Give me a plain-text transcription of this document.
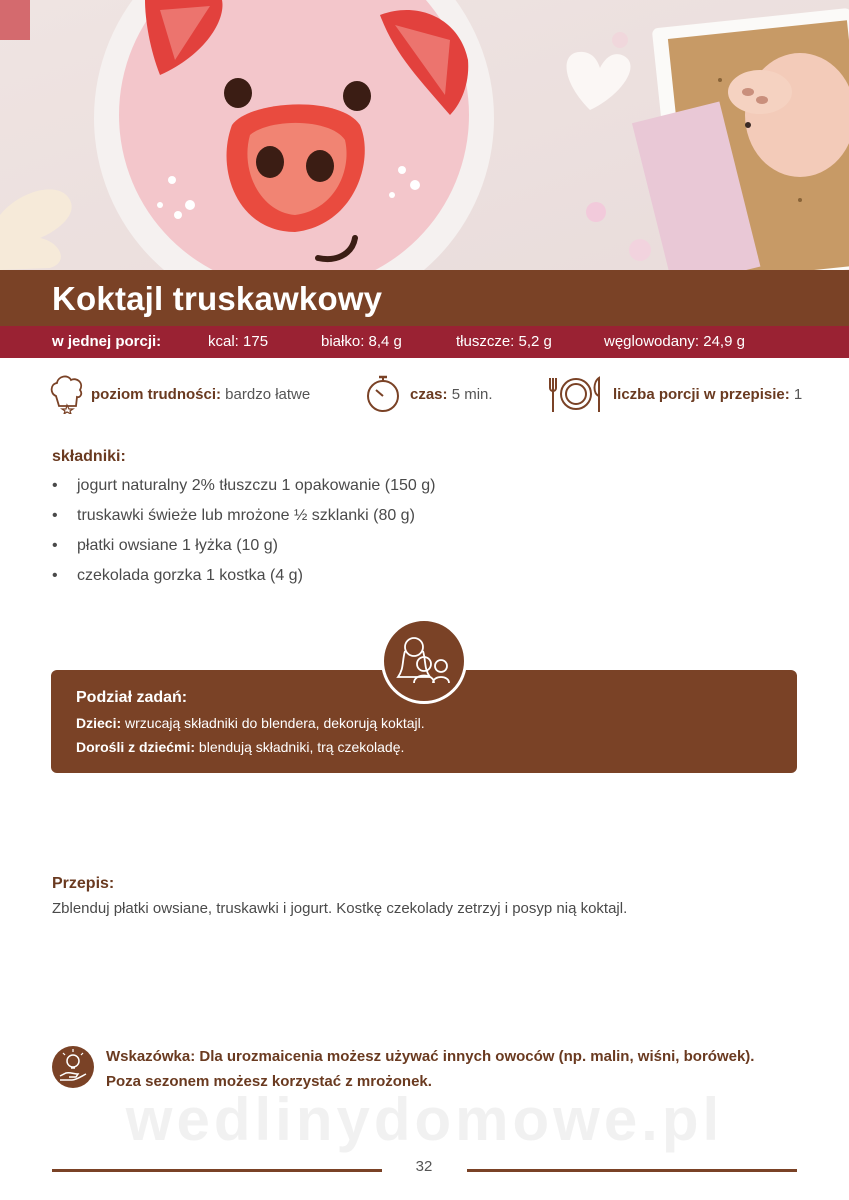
Koktajl truskawkowy
w jednej porcji:	kcal: 175	białko: 8,4 g	tłuszcze: 5,2 g	węglowodany: 24,9 g
poziom trudności: bardzo łatwe	czas: 5 min.	liczba porcji w przepisie: 1
składniki:
• jogurt naturalny 2% tłuszczu 1 opakowanie (150 g)
• truskawki świeże lub mrożone ½ szklanki (80 g)
• płatki owsiane 1 łyżka (10 g)
• czekolada gorzka 1 kostka (4 g)
Podział zadań:
Dzieci: wrzucają składniki do blendera, dekorują koktajl.
Dorośli z dziećmi: blendują składniki, trą czekoladę.
Przepis:
Zblenduj płatki owsiane, truskawki i jogurt. Kostkę czekolady zetrzyj i posyp nią koktajl.
Wskazówka: Dla urozmaicenia możesz używać innych owoców (np. malin, wiśni, borówek).
Poza sezonem możesz korzystać z mrożonek.
wedlinydomowe.pl
32
